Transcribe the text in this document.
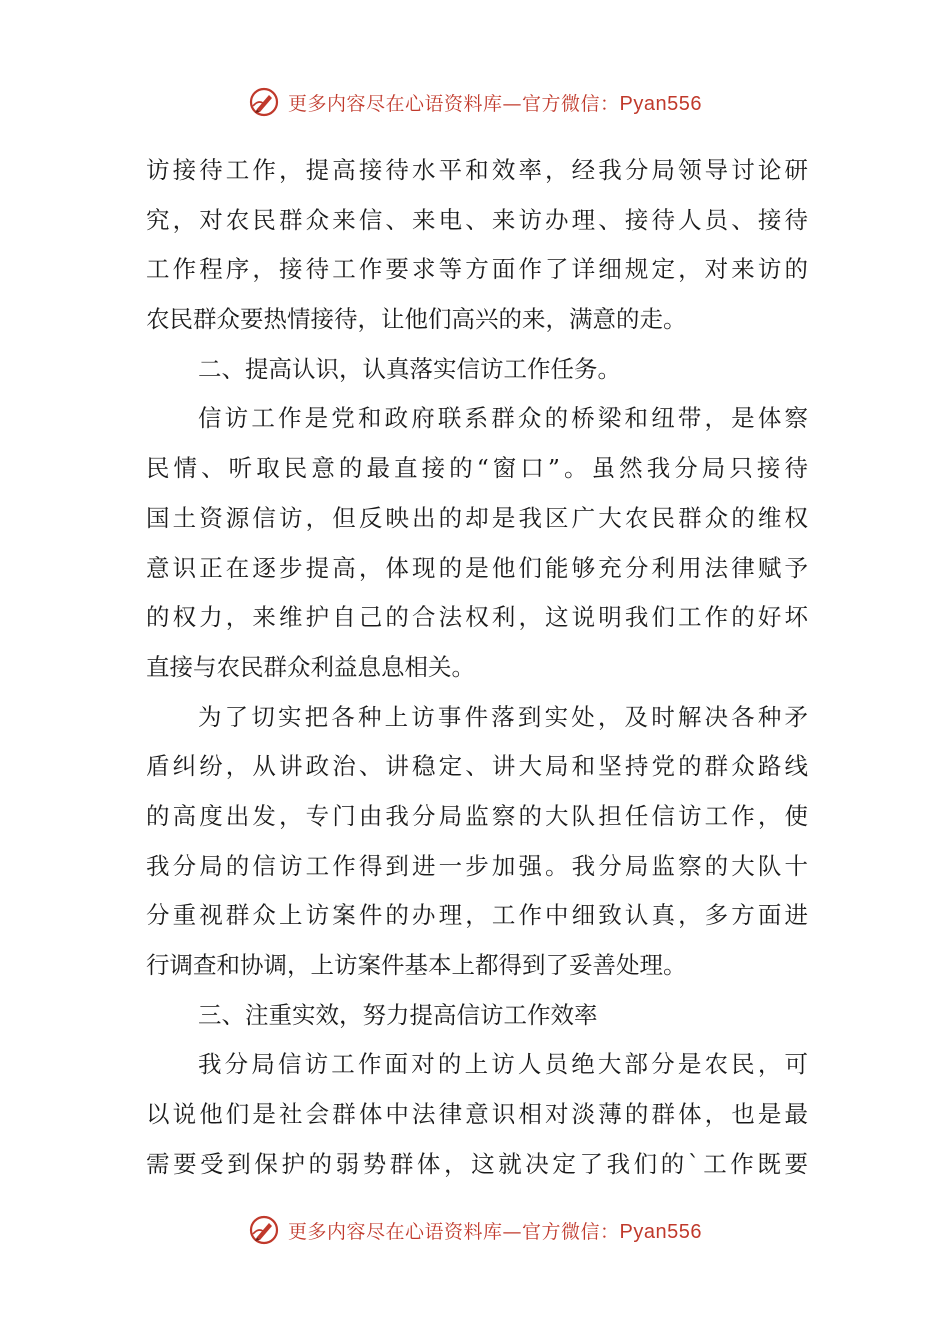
更多内容尽在心语资料库—官方微信：Pyan556
访接待工作，提高接待水平和效率，经我分局领导讨论研
究，对农民群众来信、来电、来访办理、接待人员、接待
工作程序，接待工作要求等方面作了详细规定，对来访的
农民群众要热情接待，让他们高兴的来，满意的走。
二、提高认识，认真落实信访工作任务。
信访工作是党和政府联系群众的桥梁和纽带，是体察
民情、听取民意的最直接的“窗口”。虽然我分局只接待
国土资源信访，但反映出的却是我区广大农民群众的维权
意识正在逐步提高，体现的是他们能够充分利用法律赋予
的权力，来维护自己的合法权利，这说明我们工作的好坏
直接与农民群众利益息息相关。
为了切实把各种上访事件落到实处，及时解决各种矛
盾纠纷，从讲政治、讲稳定、讲大局和坚持党的群众路线
的高度出发，专门由我分局监察的大队担任信访工作，使
我分局的信访工作得到进一步加强。我分局监察的大队十
分重视群众上访案件的办理，工作中细致认真，多方面进
行调查和协调，上访案件基本上都得到了妥善处理。
三、注重实效，努力提高信访工作效率
我分局信访工作面对的上访人员绝大部分是农民，可
以说他们是社会群体中法律意识相对淡薄的群体，也是最
需要受到保护的弱势群体，这就决定了我们的`工作既要
更多内容尽在心语资料库—官方微信：Pyan556
